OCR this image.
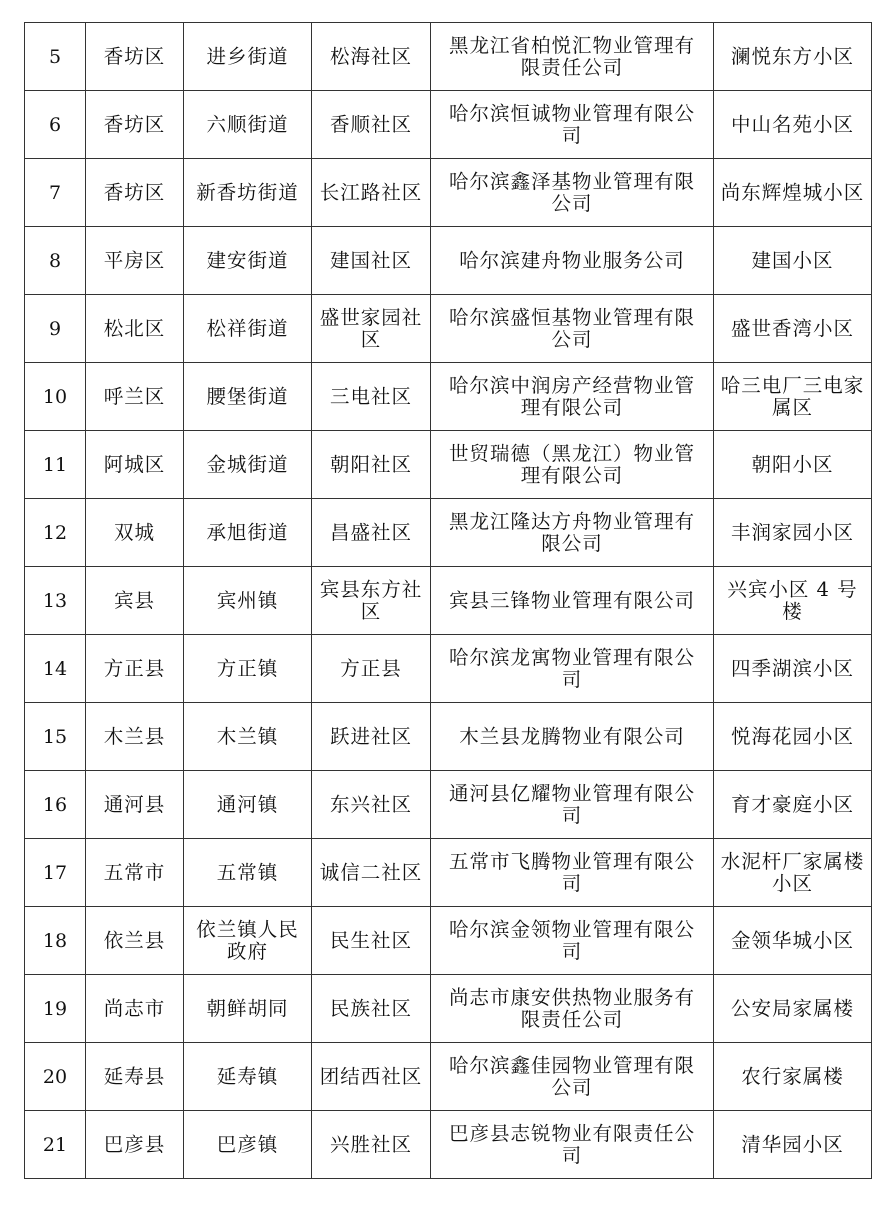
5	香坊区	进乡街道	松海社区	黑龙江省柏悦汇物业管理有限责任公司	澜悦东方小区
6	香坊区	六顺街道	香顺社区	哈尔滨恒诚物业管理有限公司	中山名苑小区
7	香坊区	新香坊街道	长江路社区	哈尔滨鑫泽基物业管理有限公司	尚东辉煌城小区
8	平房区	建安街道	建国社区	哈尔滨建舟物业服务公司	建国小区
9	松北区	松祥街道	盛世家园社区	哈尔滨盛恒基物业管理有限公司	盛世香湾小区
10	呼兰区	腰堡街道	三电社区	哈尔滨中润房产经营物业管理有限公司	哈三电厂三电家属区
11	阿城区	金城街道	朝阳社区	世贸瑞德（黑龙江）物业管理有限公司	朝阳小区
12	双城	承旭街道	昌盛社区	黑龙江隆达方舟物业管理有限公司	丰润家园小区
13	宾县	宾州镇	宾县东方社区	宾县三锋物业管理有限公司	兴宾小区 4 号楼
14	方正县	方正镇	方正县	哈尔滨龙寓物业管理有限公司	四季湖滨小区
15	木兰县	木兰镇	跃进社区	木兰县龙腾物业有限公司	悦海花园小区
16	通河县	通河镇	东兴社区	通河县亿耀物业管理有限公司	育才豪庭小区
17	五常市	五常镇	诚信二社区	五常市飞腾物业管理有限公司	水泥杆厂家属楼小区
18	依兰县	依兰镇人民政府	民生社区	哈尔滨金领物业管理有限公司	金领华城小区
19	尚志市	朝鲜胡同	民族社区	尚志市康安供热物业服务有限责任公司	公安局家属楼
20	延寿县	延寿镇	团结西社区	哈尔滨鑫佳园物业管理有限公司	农行家属楼
21	巴彦县	巴彦镇	兴胜社区	巴彦县志锐物业有限责任公司	清华园小区
